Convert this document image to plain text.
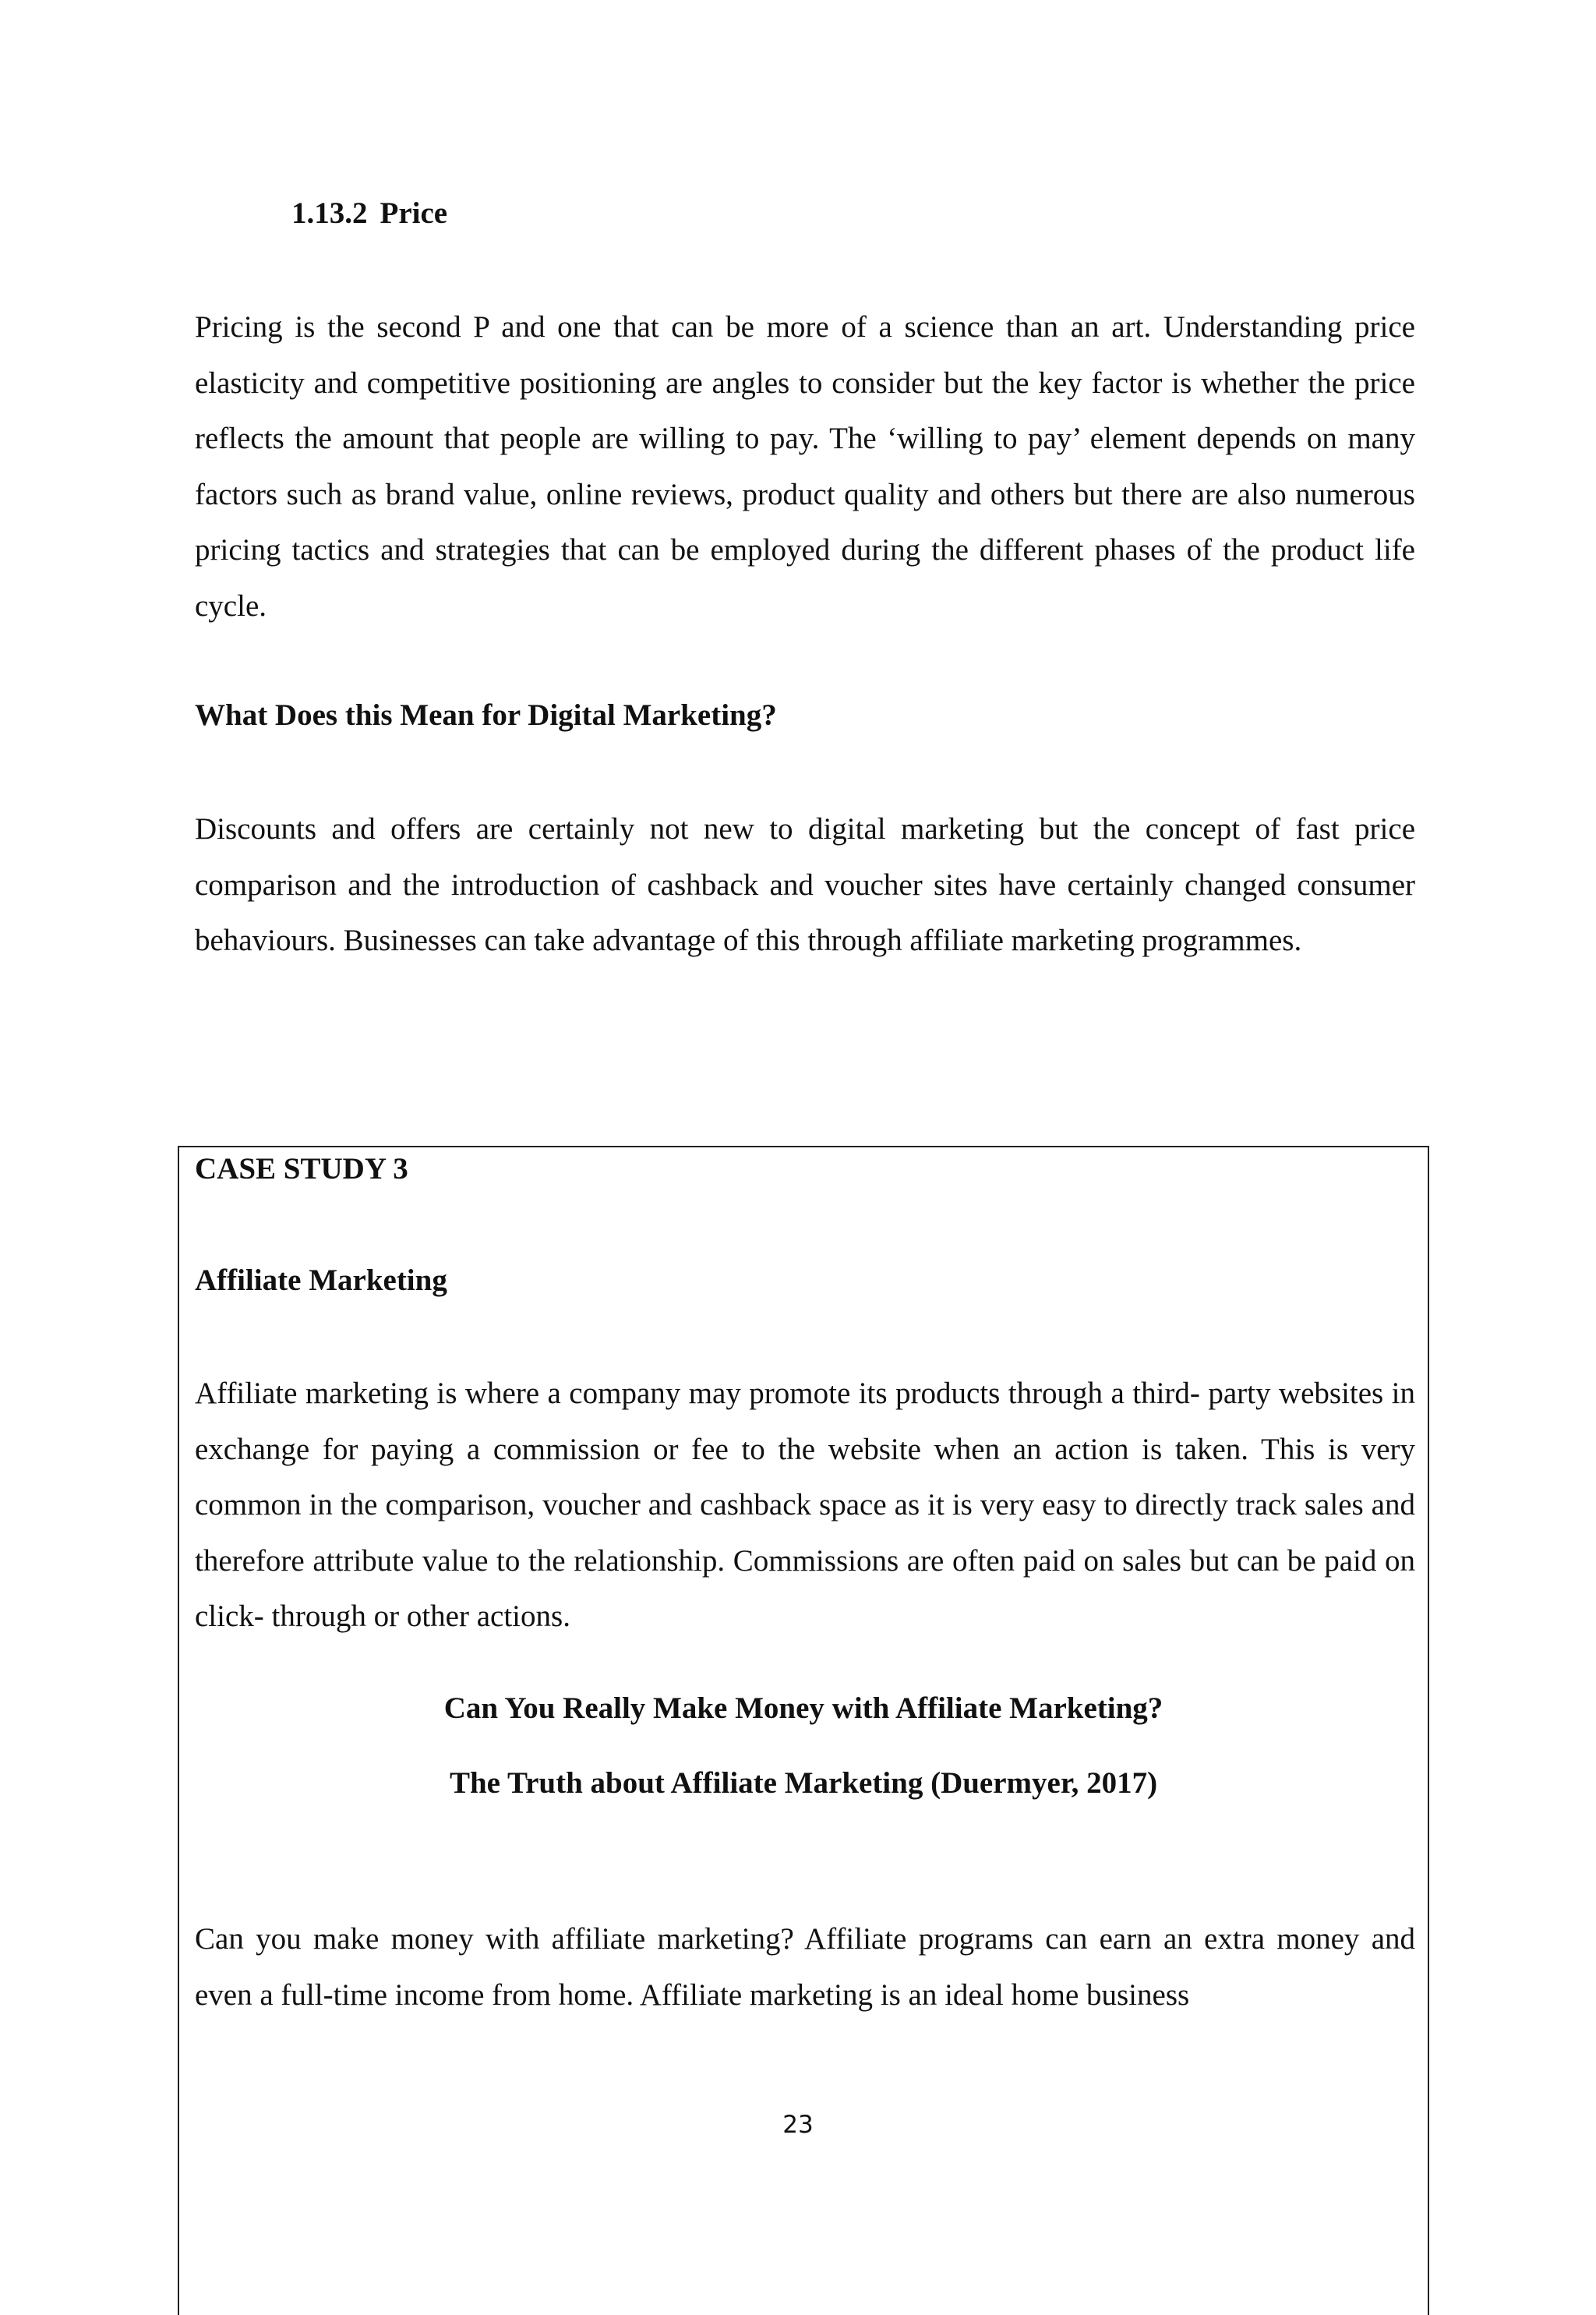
1.13.2 Price

Pricing is the second P and one that can be more of a science than an art. Understanding price elasticity and competitive positioning are angles to consider but the key factor is whether the price reflects the amount that people are willing to pay. The ‘willing to pay’ element depends on many factors such as brand value, online reviews, product quality and others but there are also numerous pricing tactics and strategies that can be employed during the different phases of the product life cycle.

What Does this Mean for Digital Marketing?

Discounts and offers are certainly not new to digital marketing but the concept of fast price comparison and the introduction of cashback and voucher sites have certainly changed consumer behaviours. Businesses can take advantage of this through affiliate marketing programmes.

CASE STUDY 3
Affiliate Marketing

Affiliate marketing is where a company may promote its products through a third- party websites in exchange for paying a commission or fee to the website when an action is taken. This is very common in the comparison, voucher and cashback space as it is very easy to directly track sales and therefore attribute value to the relationship. Commissions are often paid on sales but can be paid on click- through or other actions.

Can You Really Make Money with Affiliate Marketing?
The Truth about Affiliate Marketing (Duermyer, 2017)

Can you make money with affiliate marketing? Affiliate programs can earn an extra money and even a full-time income from home. Affiliate marketing is an ideal home business

23
